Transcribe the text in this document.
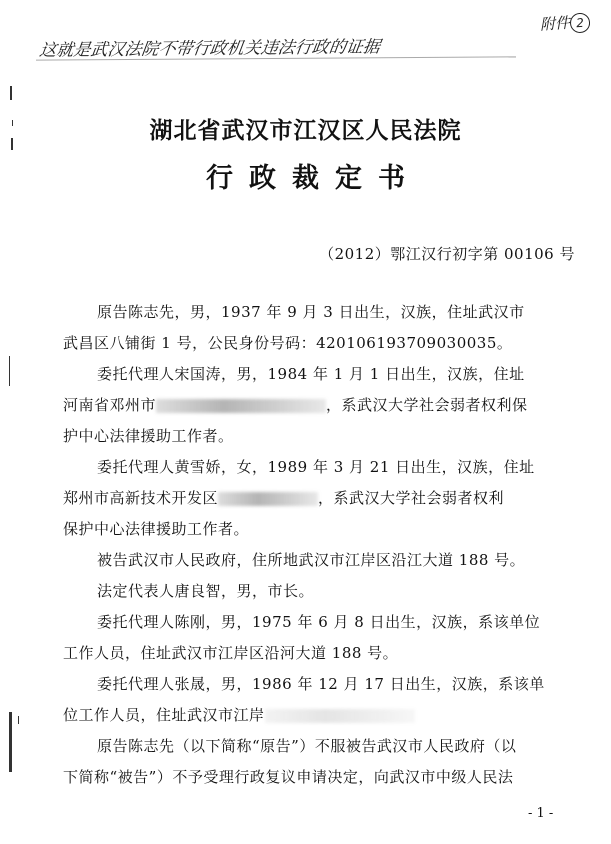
这就是武汉法院不带行政机关违法行政的证据
附件 2
湖北省武汉市江汉区人民法院
行政裁定书
（2012）鄂江汉行初字第 00106 号
原告陈志先，男，1937 年 9 月 3 日出生，汉族，住址武汉市
武昌区八铺街 1 号，公民身份号码：420106193709030035。
委托代理人宋国涛，男，1984 年 1 月 1 日出生，汉族，住址
河南省邓州市	，系武汉大学社会弱者权利保
护中心法律援助工作者。
委托代理人黄雪娇，女，1989 年 3 月 21 日出生，汉族，住址
郑州市高新技术开发区	，系武汉大学社会弱者权利
保护中心法律援助工作者。
被告武汉市人民政府，住所地武汉市江岸区沿江大道 188 号。
法定代表人唐良智，男，市长。
委托代理人陈刚，男，1975 年 6 月 8 日出生，汉族，系该单位
工作人员，住址武汉市江岸区沿河大道 188 号。
委托代理人张晟，男，1986 年 12 月 17 日出生，汉族，系该单
位工作人员，住址武汉市江岸
原告陈志先（以下简称“原告”）不服被告武汉市人民政府（以
下简称“被告”）不予受理行政复议申请决定，向武汉市中级人民法
- 1 -
